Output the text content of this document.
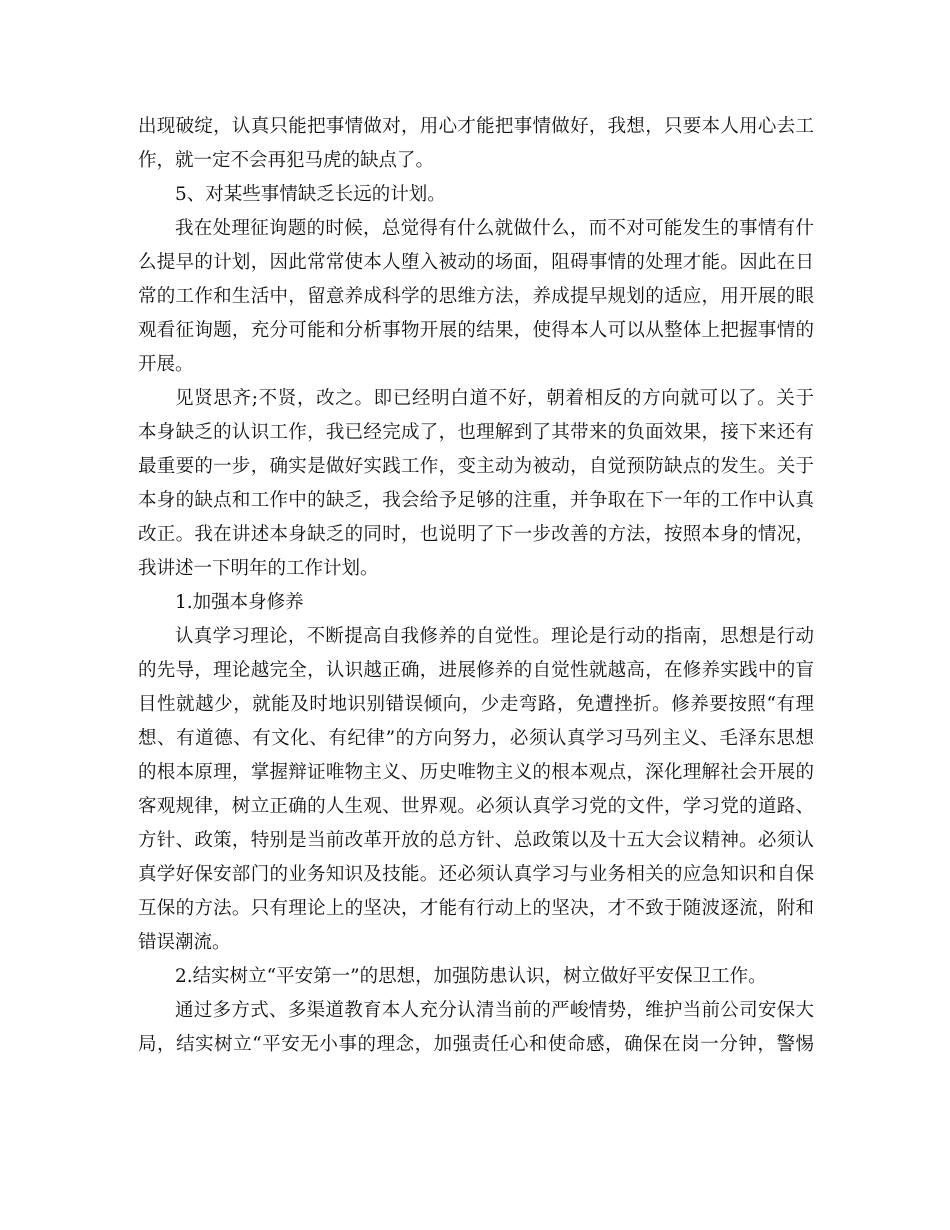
出现破绽，认真只能把事情做对，用心才能把事情做好，我想，只要本人用心去工
作，就一定不会再犯马虎的缺点了。
5、对某些事情缺乏长远的计划。
我在处理征询题的时候，总觉得有什么就做什么，而不对可能发生的事情有什
么提早的计划，因此常常使本人堕入被动的场面，阻碍事情的处理才能。因此在日
常的工作和生活中，留意养成科学的思维方法，养成提早规划的适应，用开展的眼
观看征询题，充分可能和分析事物开展的结果，使得本人可以从整体上把握事情的
开展。
见贤思齐;不贤，改之。即已经明白道不好，朝着相反的方向就可以了。关于
本身缺乏的认识工作，我已经完成了，也理解到了其带来的负面效果，接下来还有
最重要的一步，确实是做好实践工作，变主动为被动，自觉预防缺点的发生。关于
本身的缺点和工作中的缺乏，我会给予足够的注重，并争取在下一年的工作中认真
改正。我在讲述本身缺乏的同时，也说明了下一步改善的方法，按照本身的情况，
我讲述一下明年的工作计划。
1.加强本身修养
认真学习理论，不断提高自我修养的自觉性。理论是行动的指南，思想是行动
的先导，理论越完全，认识越正确，进展修养的自觉性就越高，在修养实践中的盲
目性就越少，就能及时地识别错误倾向，少走弯路，免遭挫折。修养要按照“有理
想、有道德、有文化、有纪律”的方向努力，必须认真学习马列主义、毛泽东思想
的根本原理，掌握辩证唯物主义、历史唯物主义的根本观点，深化理解社会开展的
客观规律，树立正确的人生观、世界观。必须认真学习党的文件，学习党的道路、
方针、政策，特别是当前改革开放的总方针、总政策以及十五大会议精神。必须认
真学好保安部门的业务知识及技能。还必须认真学习与业务相关的应急知识和自保
互保的方法。只有理论上的坚决，才能有行动上的坚决，才不致于随波逐流，附和
错误潮流。
2.结实树立“平安第一”的思想，加强防患认识，树立做好平安保卫工作。
通过多方式、多渠道教育本人充分认清当前的严峻情势，维护当前公司安保大
局，结实树立“平安无小事的理念，加强责任心和使命感，确保在岗一分钟，警惕
